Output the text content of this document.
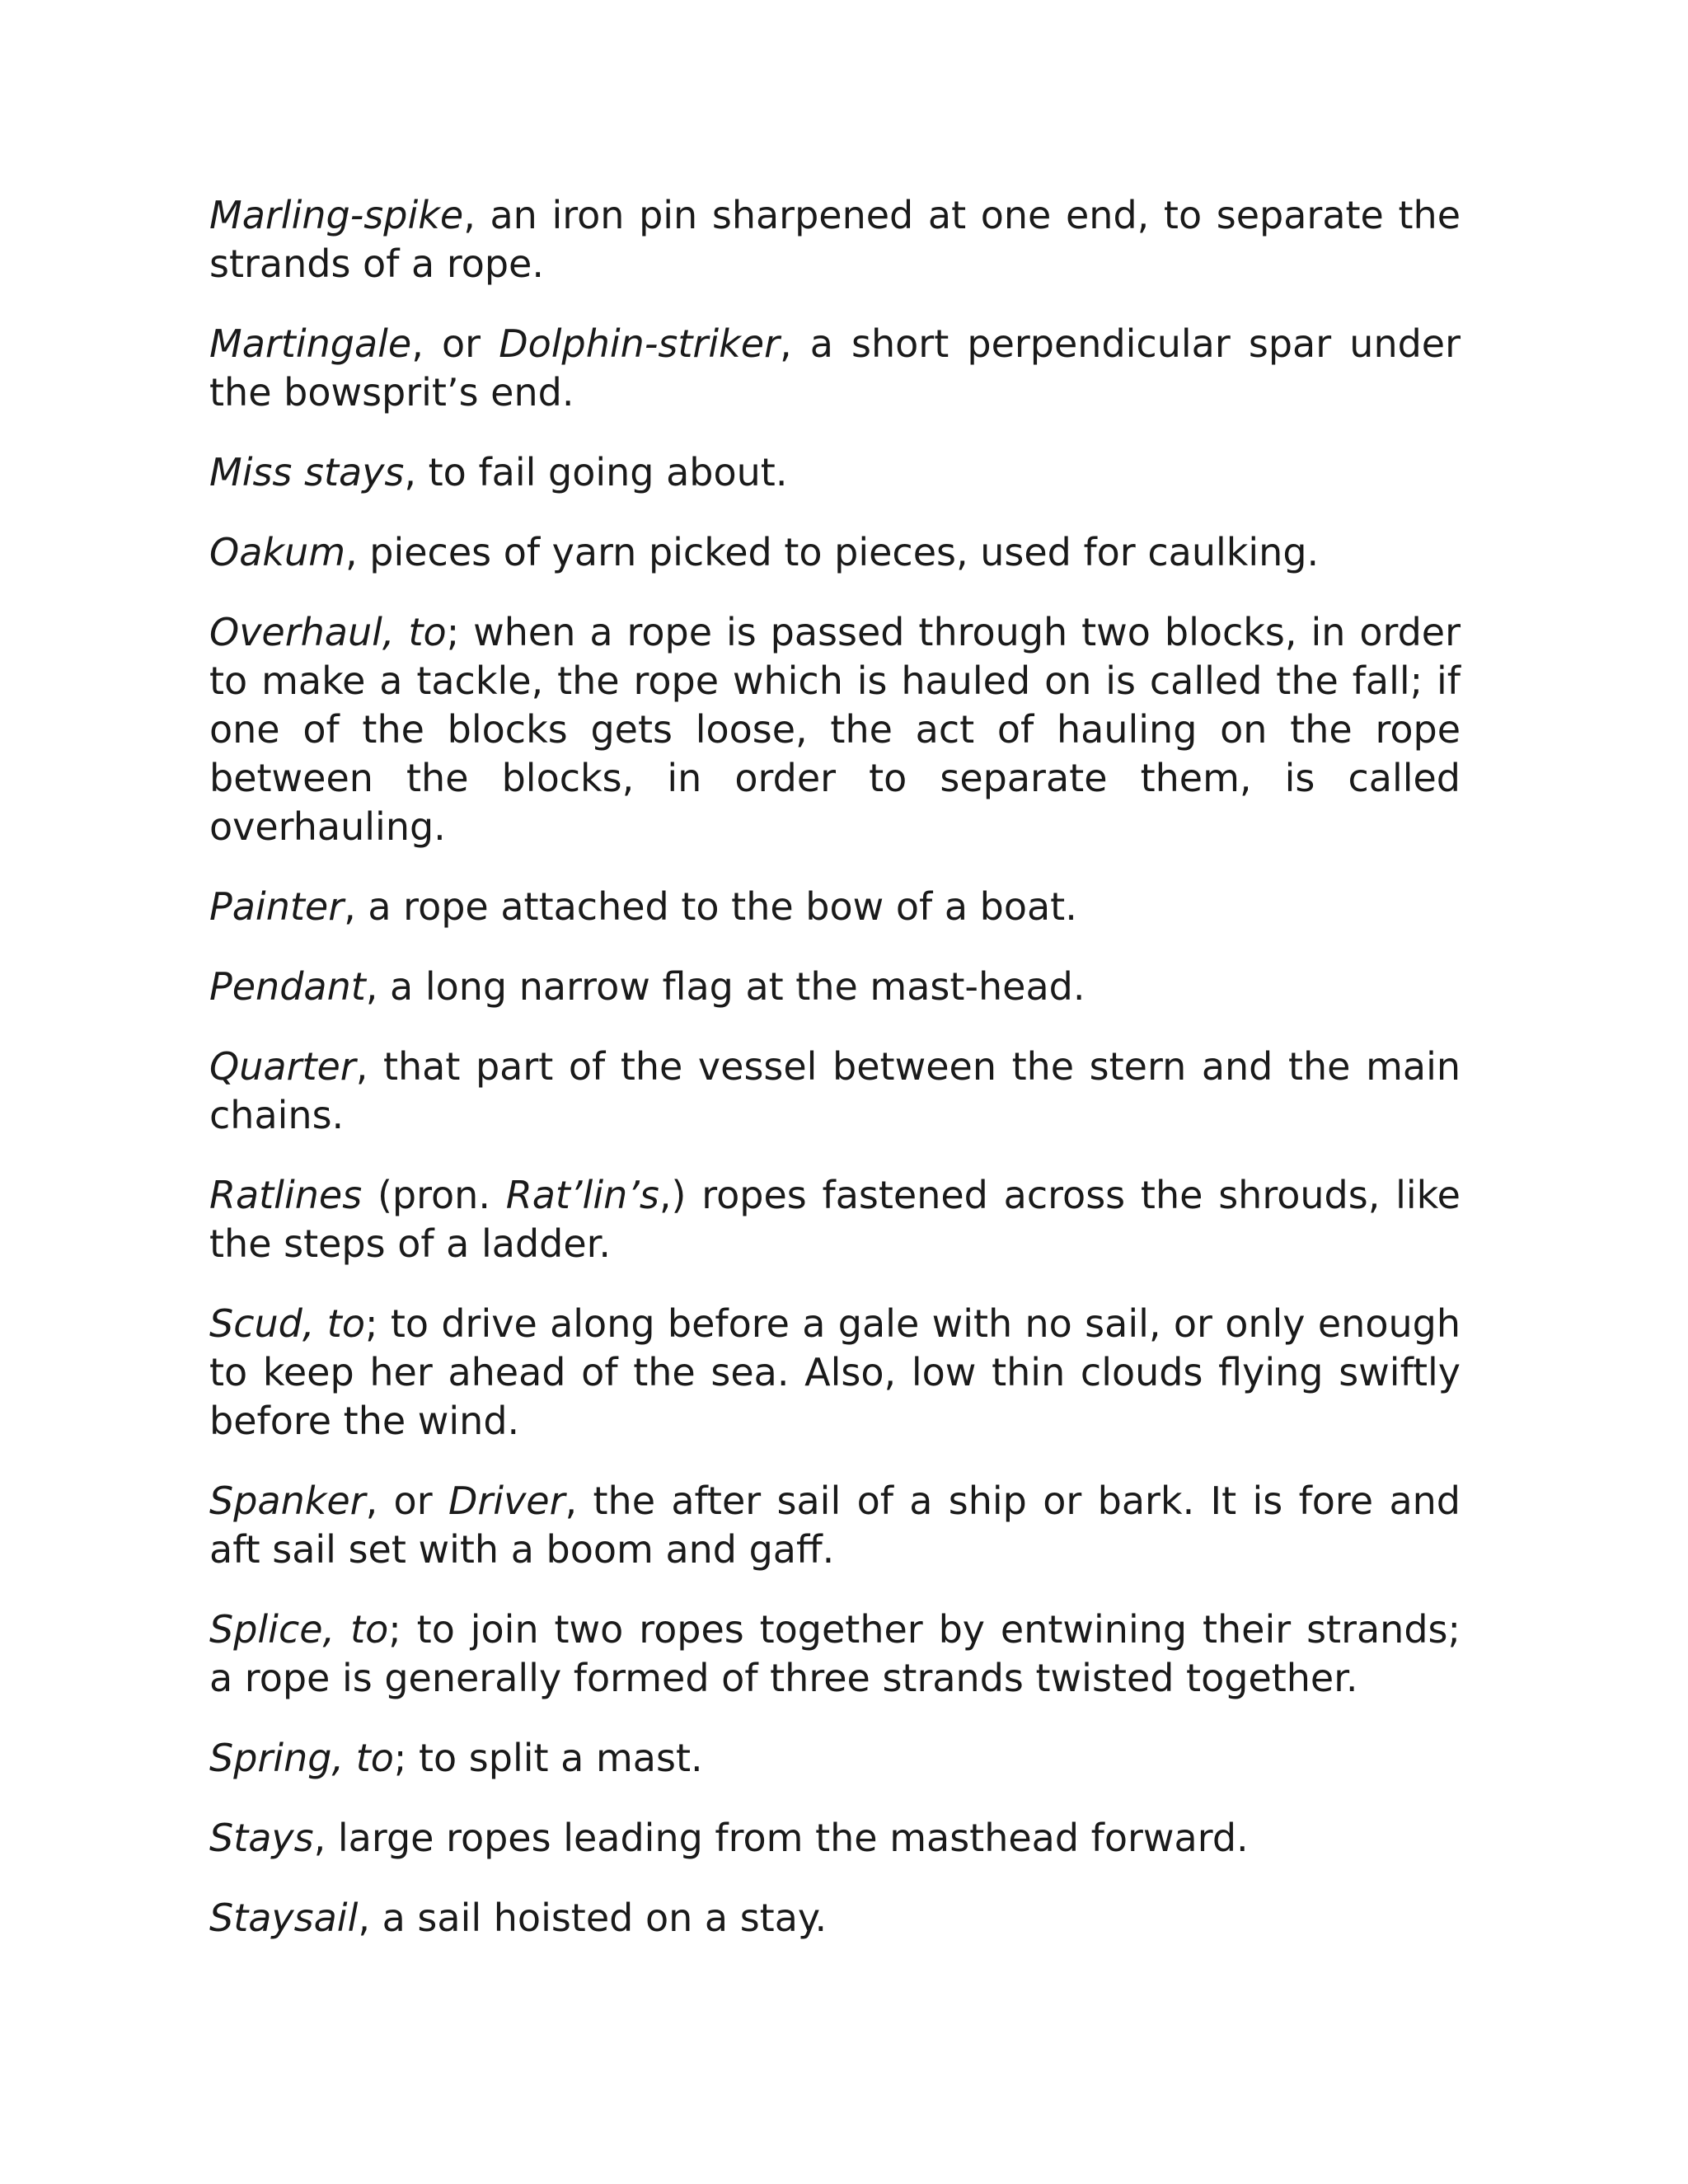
Marling-spike, an iron pin sharpened at one end, to separate the strands of a rope.

Martingale, or Dolphin-striker, a short perpendicular spar under the bowsprit’s end.

Miss stays, to fail going about.

Oakum, pieces of yarn picked to pieces, used for caulking.

Overhaul, to; when a rope is passed through two blocks, in order to make a tackle, the rope which is hauled on is called the fall; if one of the blocks gets loose, the act of hauling on the rope between the blocks, in order to separate them, is called overhauling.

Painter, a rope attached to the bow of a boat.

Pendant, a long narrow flag at the mast-head.

Quarter, that part of the vessel between the stern and the main chains.

Ratlines (pron. Rat’lin’s,) ropes fastened across the shrouds, like the steps of a ladder.

Scud, to; to drive along before a gale with no sail, or only enough to keep her ahead of the sea. Also, low thin clouds flying swiftly before the wind.

Spanker, or Driver, the after sail of a ship or bark. It is fore and aft sail set with a boom and gaff.

Splice, to; to join two ropes together by entwining their strands; a rope is generally formed of three strands twisted together.

Spring, to; to split a mast.

Stays, large ropes leading from the masthead forward.

Staysail, a sail hoisted on a stay.
